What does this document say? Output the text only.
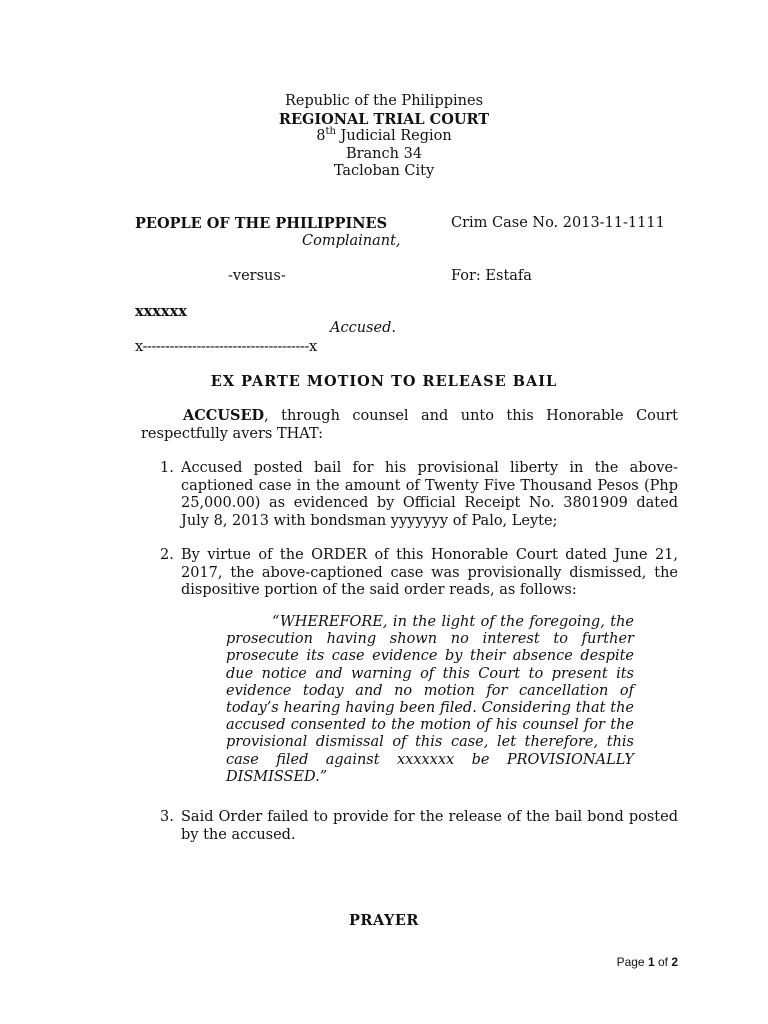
Republic of the Philippines
REGIONAL TRIAL COURT
8th Judicial Region
Branch 34
Tacloban City
PEOPLE OF THE PHILIPPINES
Complainant,
Crim Case No. 2013-11-1111
-versus-	For: Estafa
xxxxxx
Accused.
x-------------------------------------x
EX PARTE MOTION TO RELEASE BAIL
ACCUSED, through counsel and unto this Honorable Court respectfully avers THAT:
1. Accused posted bail for his provisional liberty in the above-captioned case in the amount of Twenty Five Thousand Pesos (Php 25,000.00) as evidenced by Official Receipt No. 3801909 dated July 8, 2013 with bondsman yyyyyyy of Palo, Leyte;
2. By virtue of the ORDER of this Honorable Court dated June 21, 2017, the above-captioned case was provisionally dismissed, the dispositive portion of the said order reads, as follows:
“WHEREFORE, in the light of the foregoing, the prosecution having shown no interest to further prosecute its case evidence by their absence despite due notice and warning of this Court to present its evidence today and no motion for cancellation of today’s hearing having been filed. Considering that the accused consented to the motion of his counsel for the provisional dismissal of this case, let therefore, this case filed against xxxxxxx be PROVISIONALLY DISMISSED.”
3. Said Order failed to provide for the release of the bail bond posted by the accused.
PRAYER
Page 1 of 2
